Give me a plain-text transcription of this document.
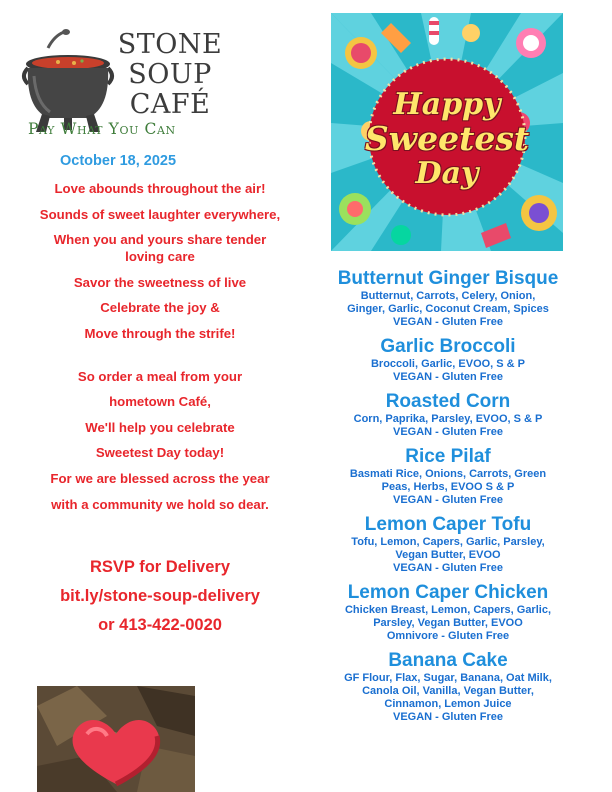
STONE
SOUP
CAFÉ
Pay What You Can
October 18, 2025
Love abounds throughout the air!
Sounds of sweet laughter everywhere,
When you and yours share tender
loving care
Savor the sweetness of live
Celebrate the joy &
Move through the strife!
So order a meal from your
hometown Café,
We'll help you celebrate
Sweetest Day today!
For we are blessed across the year
with a community we hold so dear.
RSVP for Delivery
bit.ly/stone-soup-delivery
or 413-422-0020
Happy
Sweetest
Day
Butternut Ginger Bisque
Butternut, Carrots, Celery, Onion,
Ginger, Garlic, Coconut Cream, Spices
VEGAN - Gluten Free
Garlic Broccoli
Broccoli, Garlic, EVOO, S & P
VEGAN - Gluten Free
Roasted Corn
Corn, Paprika, Parsley, EVOO, S & P
VEGAN - Gluten Free
Rice Pilaf
Basmati Rice, Onions, Carrots, Green
Peas, Herbs, EVOO S & P
VEGAN - Gluten Free
Lemon Caper Tofu
Tofu, Lemon, Capers, Garlic, Parsley,
Vegan Butter, EVOO
VEGAN - Gluten Free
Lemon Caper Chicken
Chicken Breast, Lemon, Capers, Garlic,
Parsley, Vegan Butter, EVOO
Omnivore - Gluten Free
Banana Cake
GF Flour, Flax, Sugar, Banana, Oat Milk,
Canola Oil, Vanilla, Vegan Butter,
Cinnamon, Lemon Juice
VEGAN - Gluten Free
